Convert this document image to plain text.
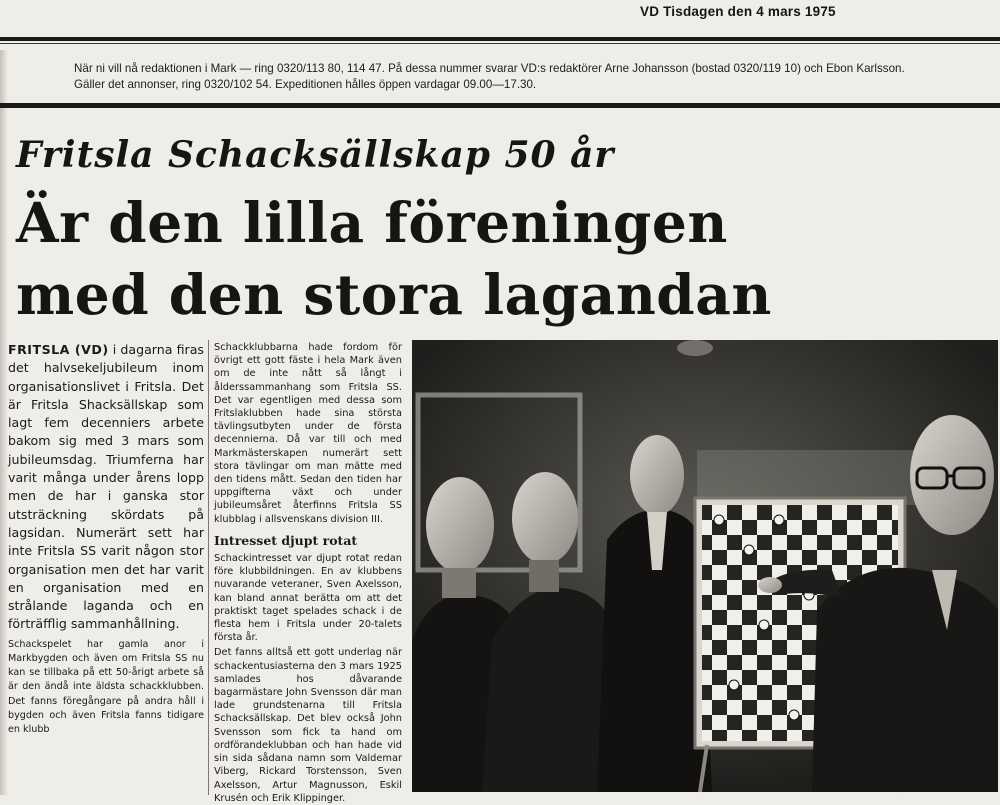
VD Tisdagen den 4 mars 1975
När ni vill nå redaktionen i Mark — ring 0320/113 80, 114 47. På dessa nummer svarar VD:s redaktörer Arne Johansson (bostad 0320/119 10) och Ebon Karlsson. Gäller det annonser, ring 0320/102 54. Expeditionen hålles öppen vardagar 09.00—17.30.

Fritsla Schacksällskap 50 år
Är den lilla föreningen
med den stora lagandan

FRITSLA (VD) i dagarna firas det halvsekeljubileum inom organisationslivet i Fritsla. Det är Fritsla Shacksällskap som lagt fem decenniers arbete bakom sig med 3 mars som jubileumsdag. Triumferna har varit många under årens lopp men de har i ganska stor utsträckning skördats på lagsidan. Numerärt sett har inte Fritsla SS varit någon stor organisation men det har varit en organisation med en strålande laganda och en förträfflig sammanhållning.

Schackspelet har gamla anor i Markbygden och även om Fritsla SS nu kan se tillbaka på ett 50-årigt arbete så är den ändå inte äldsta schackklubben. Det fanns föregångare på andra håll i bygden och även Fritsla fanns tidigare en klubb

Schackklubbarna hade fordom för övrigt ett gott fäste i hela Mark även om de inte nått så långt i ålderssammanhang som Fritsla SS. Det var egentligen med dessa som Fritslaklubben hade sina största tävlingsutbyten under de första decennierna. Då var till och med Markmästerskapen numerärt sett stora tävlingar om man mätte med den tidens mått. Sedan den tiden har uppgifterna växt och under jubileumsåret återfinns Fritsla SS klubblag i allsvenskans division III.

Intresset djupt rotat

Schackintresset var djupt rotat redan före klubbildningen. En av klubbens nuvarande veteraner, Sven Axelsson, kan bland annat berätta om att det praktiskt taget spelades schack i de flesta hem i Fritsla under 20-talets första år.

Det fanns alltså ett gott underlag när schackentusiasterna den 3 mars 1925 samlades hos dåvarande bagarmästare John Svensson där man lade grundstenarna till Fritsla Schacksällskap. Det blev också John Svensson som fick ta hand om ordförandeklubban och han hade vid sin sida sådana namn som Valdemar Viberg, Rickard Torstensson, Sven Axelsson, Artur Magnusson, Eskil Krusén och Erik Klippinger.
